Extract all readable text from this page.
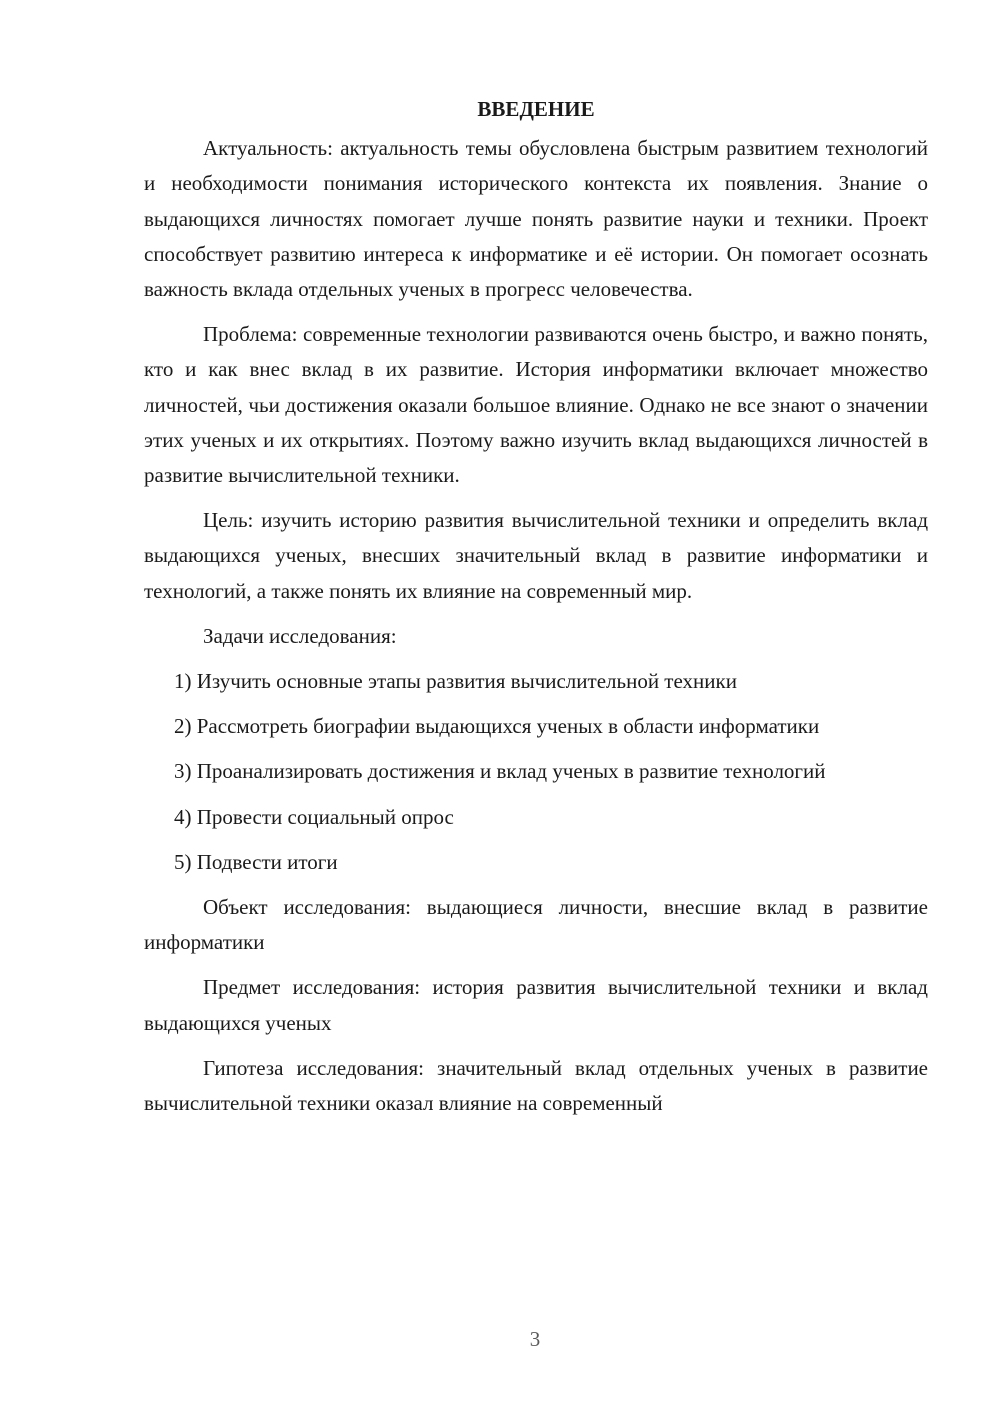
ВВЕДЕНИЕ

Актуальность: актуальность темы обусловлена быстрым развитием технологий и необходимости понимания исторического контекста их появления. Знание о выдающихся личностях помогает лучше понять развитие науки и техники. Проект способствует развитию интереса к информатике и её истории. Он помогает осознать важность вклада отдельных ученых в прогресс человечества.

Проблема: современные технологии развиваются очень быстро, и важно понять, кто и как внес вклад в их развитие. История информатики включает множество личностей, чьи достижения оказали большое влияние. Однако не все знают о значении этих ученых и их открытиях. Поэтому важно изучить вклад выдающихся личностей в развитие вычислительной техники.

Цель: изучить историю развития вычислительной техники и определить вклад выдающихся ученых, внесших значительный вклад в развитие информатики и технологий, а также понять их влияние на современный мир.

Задачи исследования:

1) Изучить основные этапы развития вычислительной техники

2) Рассмотреть биографии выдающихся ученых в области информатики

3) Проанализировать достижения и вклад ученых в развитие технологий

4) Провести социальный опрос

5) Подвести итоги

Объект исследования: выдающиеся личности, внесшие вклад в развитие информатики

Предмет исследования: история развития вычислительной техники и вклад выдающихся ученых

Гипотеза исследования: значительный вклад отдельных ученых в развитие вычислительной техники оказал влияние на современный

3
